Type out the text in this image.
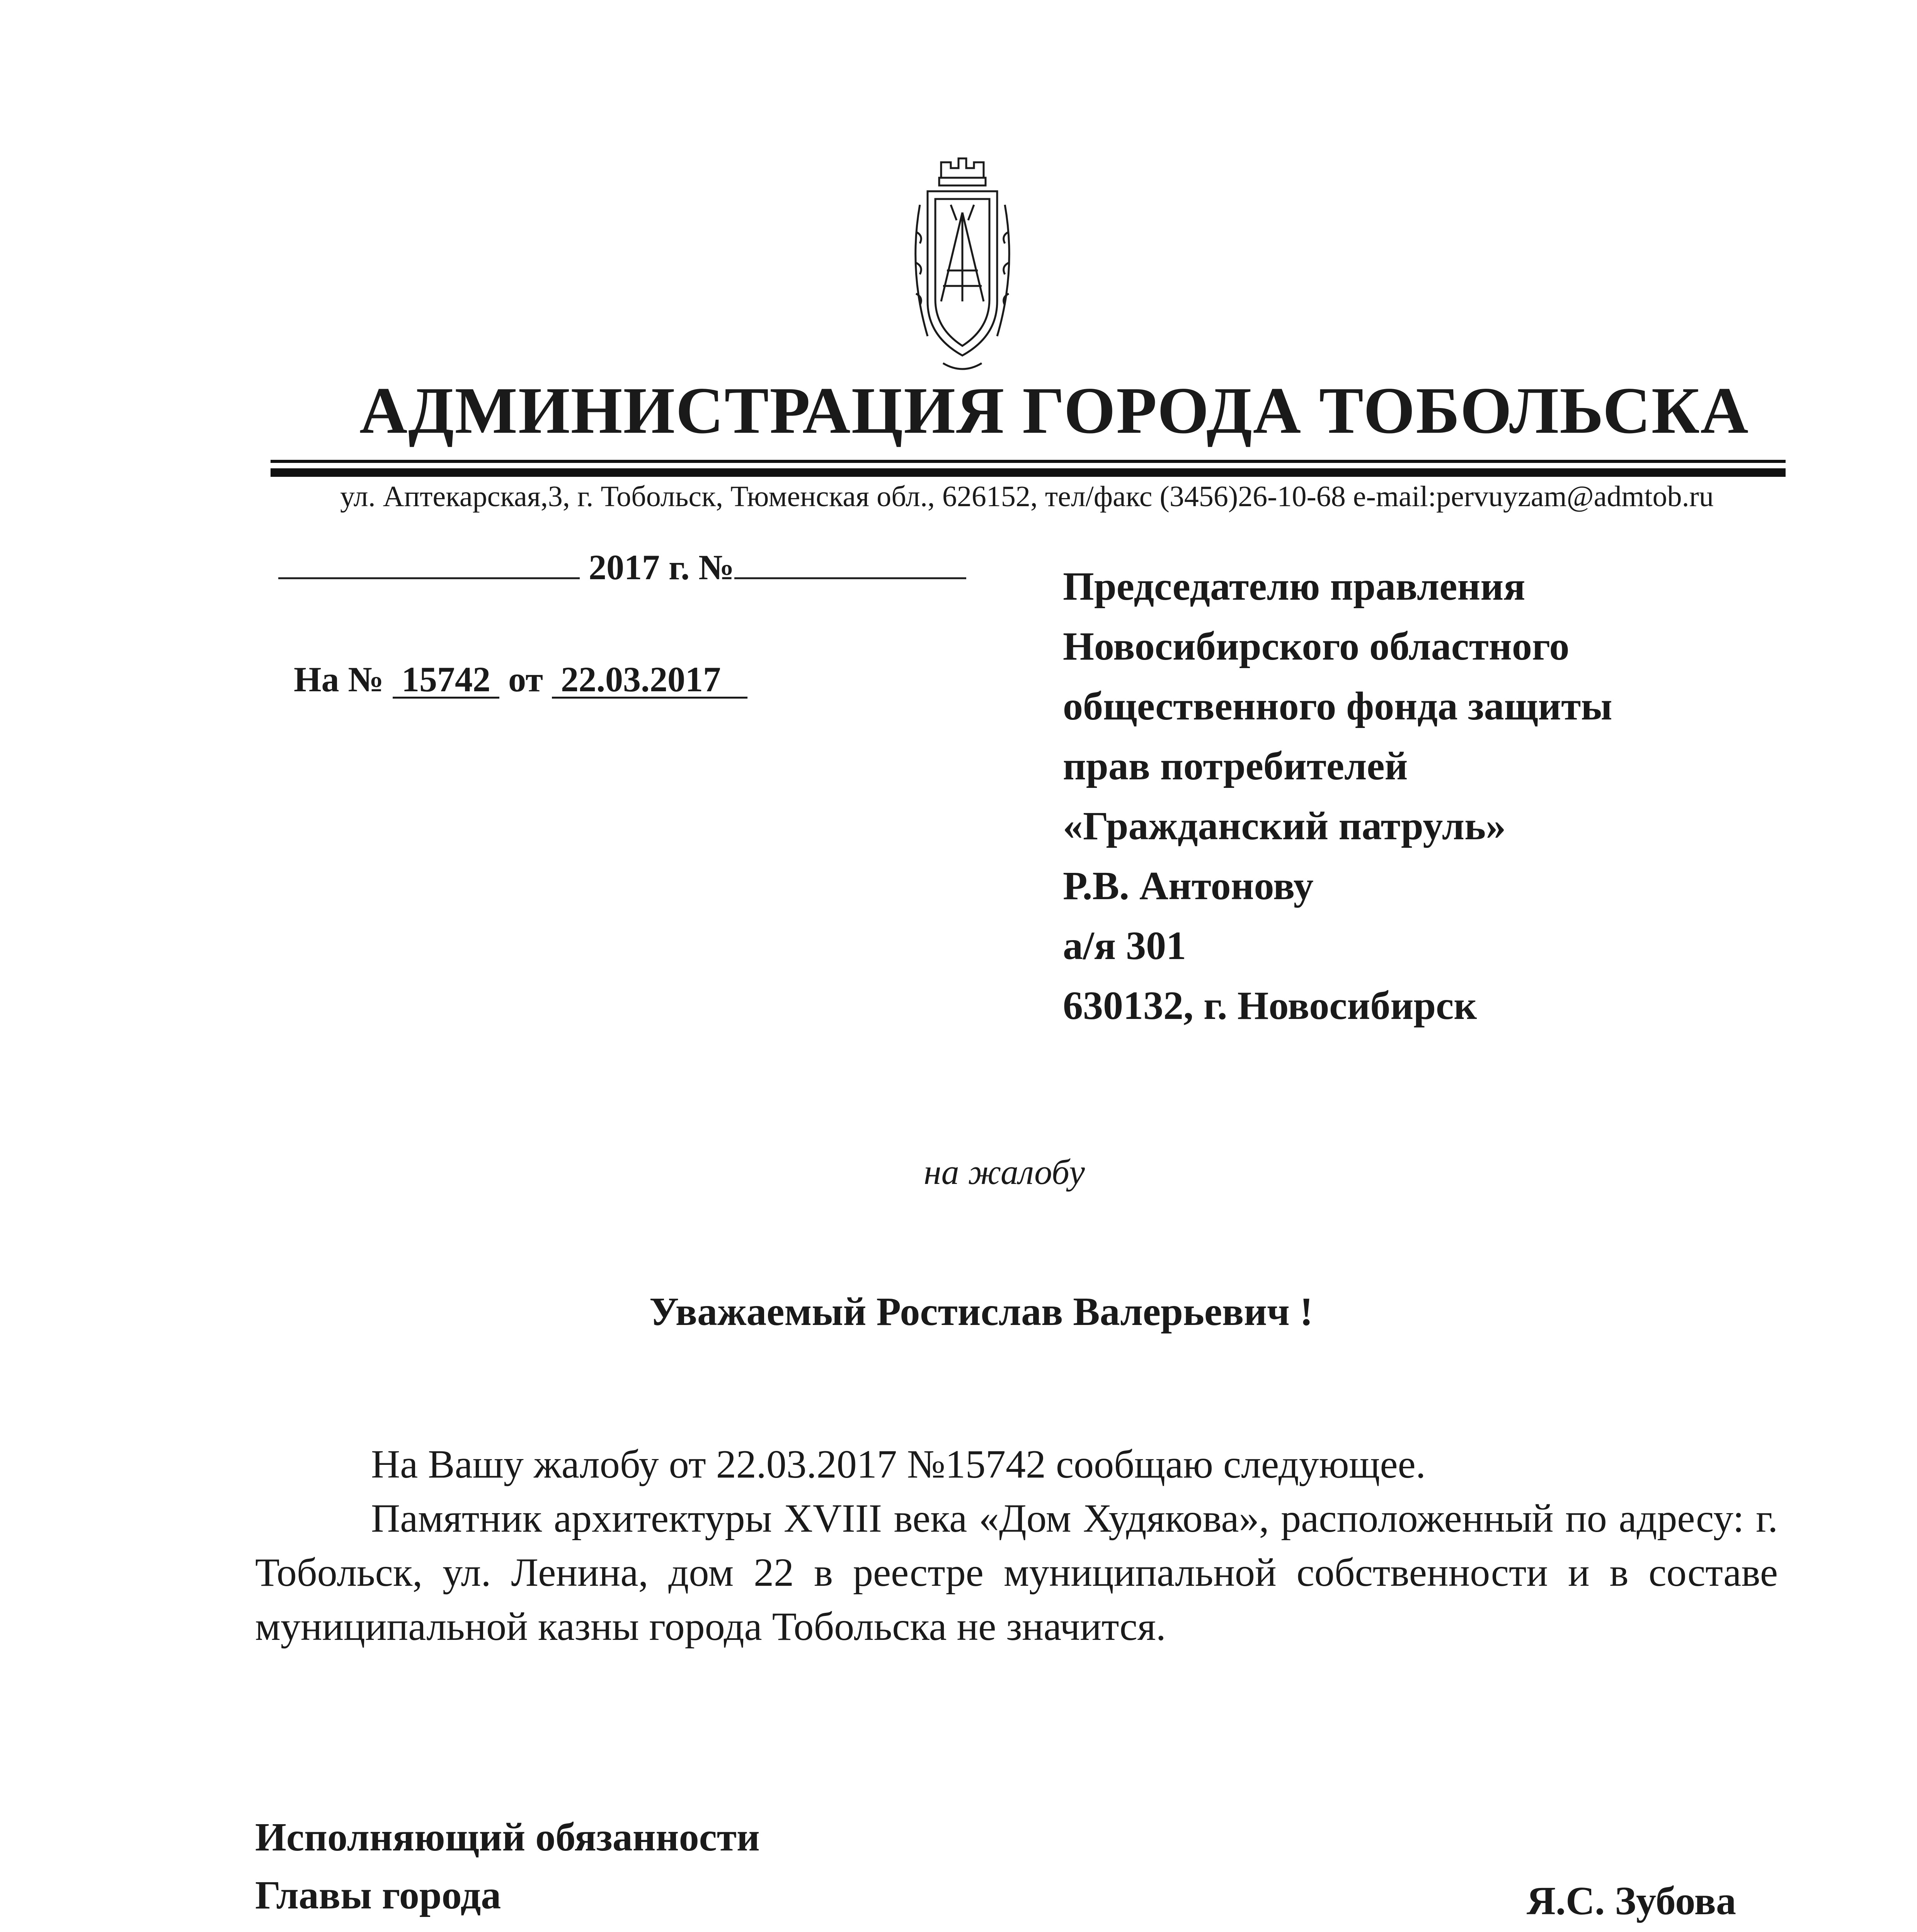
АДМИНИСТРАЦИЯ ГОРОДА ТОБОЛЬСКА
ул. Аптекарская,3, г. Тобольск, Тюменская обл., 626152, тел/факс (3456)26-10-68 e-mail:pervuyzam@admtob.ru
2017 г. №
На № 15742 от 22.03.2017
Председателю правления
Новосибирского областного
общественного фонда защиты
прав потребителей
«Гражданский патруль»
Р.В. Антонову
а/я 301
630132, г. Новосибирск
на жалобу
Уважаемый Ростислав Валерьевич !

На Вашу жалобу от 22.03.2017 №15742 сообщаю следующее.

Памятник архитектуры XVIII века «Дом Худякова», расположенный по адресу: г. Тобольск, ул. Ленина, дом 22 в реестре муниципальной собственности и в составе муниципальной казны города Тобольска не значится.

Исполняющий обязанности
Главы города	Я.С. Зубова
